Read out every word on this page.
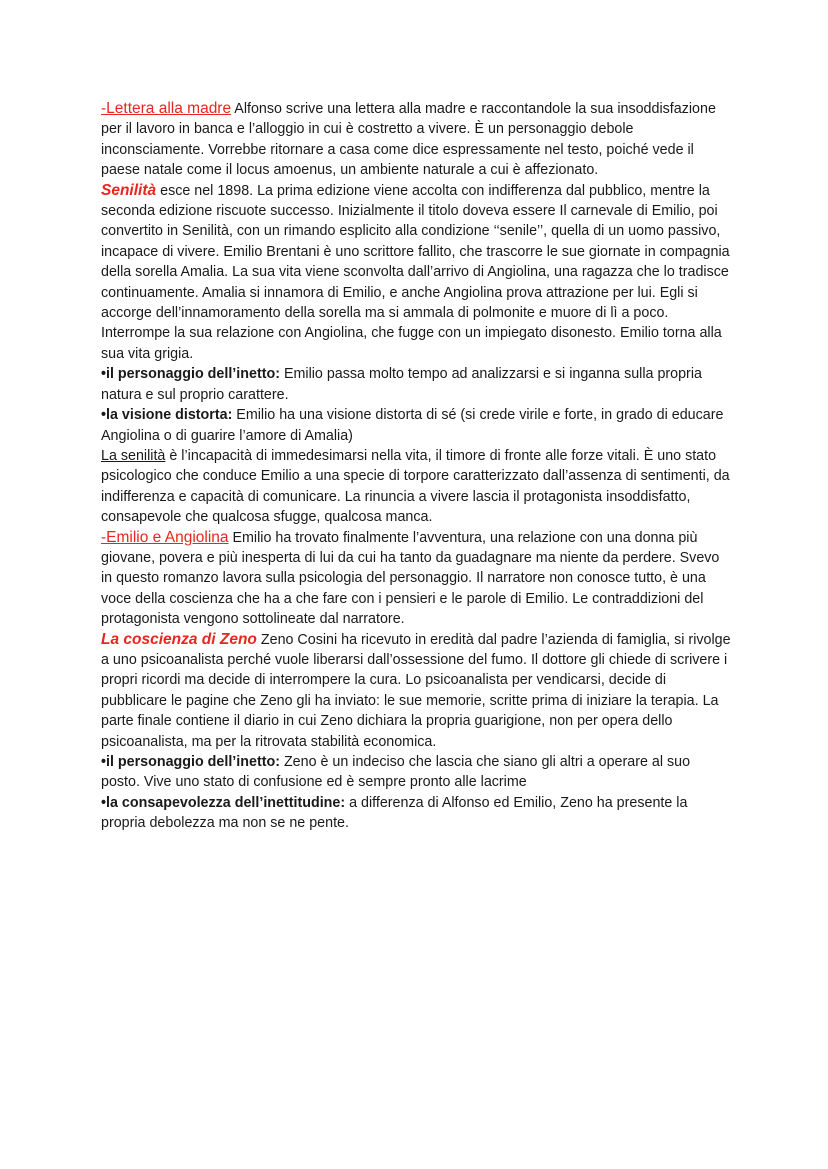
-Lettera alla madre Alfonso scrive una lettera alla madre e raccontandole la sua insoddisfazione per il lavoro in banca e l’alloggio in cui è costretto a vivere. È un personaggio debole inconsciamente. Vorrebbe ritornare a casa come dice espressamente nel testo, poiché vede il paese natale come il locus amoenus, un ambiente naturale a cui è affezionato.

Senilità esce nel 1898. La prima edizione viene accolta con indifferenza dal pubblico, mentre la seconda edizione riscuote successo. Inizialmente il titolo doveva essere Il carnevale di Emilio, poi convertito in Senilità, con un rimando esplicito alla condizione ‘‘senile’’, quella di un uomo passivo, incapace di vivere. Emilio Brentani è uno scrittore fallito, che trascorre le sue giornate in compagnia della sorella Amalia. La sua vita viene sconvolta dall’arrivo di Angiolina, una ragazza che lo tradisce continuamente. Amalia si innamora di Emilio, e anche Angiolina prova attrazione per lui. Egli si accorge dell’innamoramento della sorella ma si ammala di polmonite e muore di lì a poco. Interrompe la sua relazione con Angiolina, che fugge con un impiegato disonesto. Emilio torna alla sua vita grigia.

•il personaggio dell’inetto: Emilio passa molto tempo ad analizzarsi e si inganna sulla propria natura e sul proprio carattere.

•la visione distorta: Emilio ha una visione distorta di sé (si crede virile e forte, in grado di educare Angiolina o di guarire l’amore di Amalia)

La senilità è l’incapacità di immedesimarsi nella vita, il timore di fronte alle forze vitali. È uno stato psicologico che conduce Emilio a una specie di torpore caratterizzato dall’assenza di sentimenti, da indifferenza e capacità di comunicare. La rinuncia a vivere lascia il protagonista insoddisfatto, consapevole che qualcosa sfugge, qualcosa manca.

-Emilio e Angiolina Emilio ha trovato finalmente l’avventura, una relazione con una donna più giovane, povera e più inesperta di lui da cui ha tanto da guadagnare ma niente da perdere. Svevo in questo romanzo lavora sulla psicologia del personaggio. Il narratore non conosce tutto, è una voce della coscienza che ha a che fare con i pensieri e le parole di Emilio. Le contraddizioni del protagonista vengono sottolineate dal narratore.

La coscienza di Zeno Zeno Cosini ha ricevuto in eredità dal padre l’azienda di famiglia, si rivolge a uno psicoanalista perché vuole liberarsi dall’ossessione del fumo. Il dottore gli chiede di scrivere i propri ricordi ma decide di interrompere la cura. Lo psicoanalista per vendicarsi, decide di pubblicare le pagine che Zeno gli ha inviato: le sue memorie, scritte prima di iniziare la terapia. La parte finale contiene il diario in cui Zeno dichiara la propria guarigione, non per opera dello psicoanalista, ma per la ritrovata stabilità economica.

•il personaggio dell’inetto: Zeno è un indeciso che lascia che siano gli altri a operare al suo posto. Vive uno stato di confusione ed è sempre pronto alle lacrime

•la consapevolezza dell’inettitudine: a differenza di Alfonso ed Emilio, Zeno ha presente la propria debolezza ma non se ne pente.
